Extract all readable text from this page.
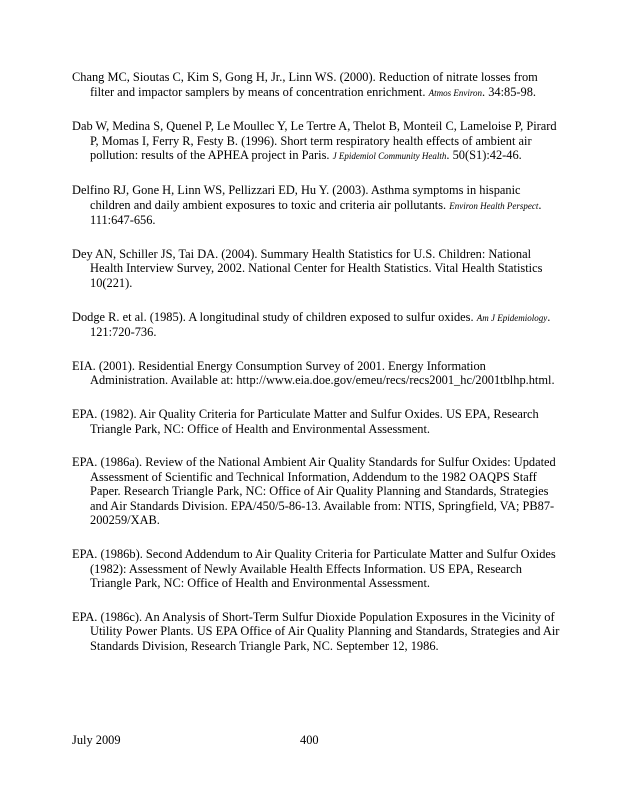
Chang MC, Sioutas C, Kim S, Gong H, Jr., Linn WS. (2000). Reduction of nitrate losses from filter and impactor samplers by means of concentration enrichment. Atmos Environ. 34:85-98.

Dab W, Medina S, Quenel P, Le Moullec Y, Le Tertre A, Thelot B, Monteil C, Lameloise P, Pirard P, Momas I, Ferry R, Festy B. (1996). Short term respiratory health effects of ambient air pollution: results of the APHEA project in Paris. J Epidemiol Community Health. 50(S1):42-46.

Delfino RJ, Gone H, Linn WS, Pellizzari ED, Hu Y. (2003). Asthma symptoms in hispanic children and daily ambient exposures to toxic and criteria air pollutants. Environ Health Perspect. 111:647-656.

Dey AN, Schiller JS, Tai DA. (2004). Summary Health Statistics for U.S. Children: National Health Interview Survey, 2002. National Center for Health Statistics. Vital Health Statistics 10(221).

Dodge R. et al. (1985). A longitudinal study of children exposed to sulfur oxides. Am J Epidemiology. 121:720-736.

EIA. (2001). Residential Energy Consumption Survey of 2001. Energy Information Administration. Available at: http://www.eia.doe.gov/emeu/recs/recs2001_hc/2001tblhp.html.

EPA. (1982). Air Quality Criteria for Particulate Matter and Sulfur Oxides. US EPA, Research Triangle Park, NC: Office of Health and Environmental Assessment.

EPA. (1986a). Review of the National Ambient Air Quality Standards for Sulfur Oxides: Updated Assessment of Scientific and Technical Information, Addendum to the 1982 OAQPS Staff Paper. Research Triangle Park, NC: Office of Air Quality Planning and Standards, Strategies and Air Standards Division. EPA/450/5-86-13. Available from: NTIS, Springfield, VA; PB87-200259/XAB.

EPA. (1986b). Second Addendum to Air Quality Criteria for Particulate Matter and Sulfur Oxides (1982): Assessment of Newly Available Health Effects Information. US EPA, Research Triangle Park, NC: Office of Health and Environmental Assessment.

EPA. (1986c). An Analysis of Short-Term Sulfur Dioxide Population Exposures in the Vicinity of Utility Power Plants. US EPA Office of Air Quality Planning and Standards, Strategies and Air Standards Division, Research Triangle Park, NC. September 12, 1986.

July 2009	400
